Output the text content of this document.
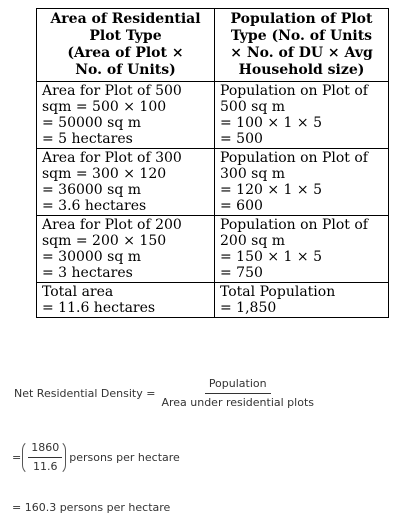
Area of Residential
Plot Type
(Area of Plot ×
No. of Units)	Population of Plot
Type (No. of Units
× No. of DU × Avg
Household size)

Area for Plot of 500
sqm = 500 × 100
= 50000 sq m
= 5 hectares	Population on Plot of
500 sq m
= 100 × 1 × 5
= 500

Area for Plot of 300
sqm = 300 × 120
= 36000 sq m
= 3.6 hectares	Population on Plot of
300 sq m
= 120 × 1 × 5
= 600

Area for Plot of 200
sqm = 200 × 150
= 30000 sq m
= 3 hectares	Population on Plot of
200 sq m
= 150 × 1 × 5
= 750

Total area
= 11.6 hectares	Total Population
= 1,850
Net Residential Density = $\frac{\text{Population}}{\text{Area under residential plots}}$
= $\frac{1860}{11.6}$ persons per hectare
= 160.3 persons per hectare
